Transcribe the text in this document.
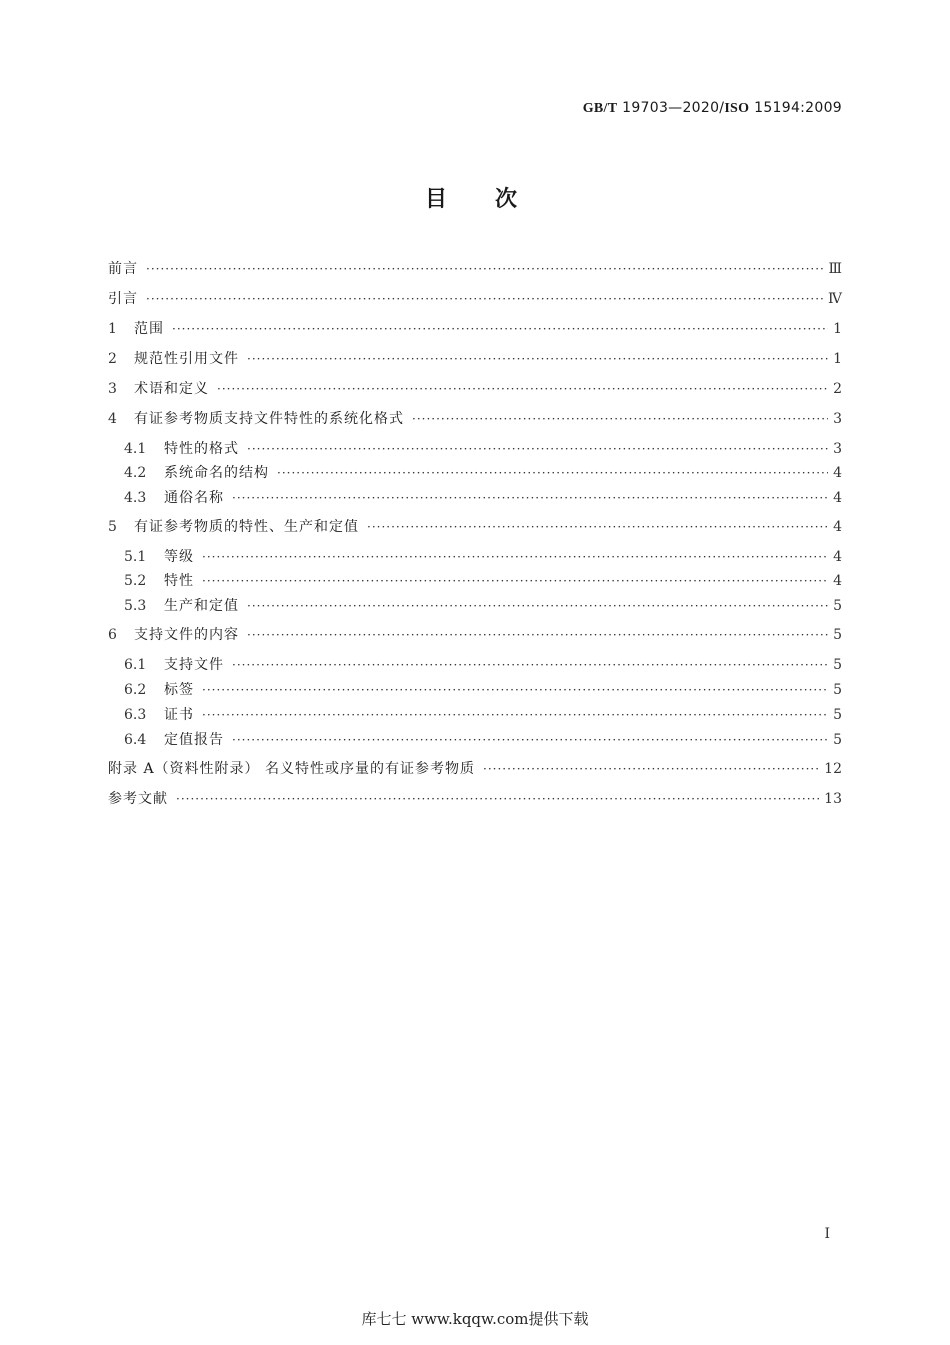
GB/T 19703—2020/ISO 15194:2009
目次
前言 ·····	Ⅲ
引言 ·····	Ⅳ
1	范围 ·····	1
2	规范性引用文件 ·····	1
3	术语和定义 ·····	2
4	有证参考物质支持文件特性的系统化格式 ·····	3
4.1	特性的格式 ·····	3
4.2	系统命名的结构 ·····	4
4.3	通俗名称 ·····	4
5	有证参考物质的特性、生产和定值 ·····	4
5.1	等级 ·····	4
5.2	特性 ·····	4
5.3	生产和定值 ·····	5
6	支持文件的内容 ·····	5
6.1	支持文件 ·····	5
6.2	标签 ·····	5
6.3	证书 ·····	5
6.4	定值报告 ·····	5
附录 A（资料性附录） 名义特性或序量的有证参考物质 ·····	12
参考文献 ·····	13
Ⅰ
库七七 www.kqqw.com提供下载
